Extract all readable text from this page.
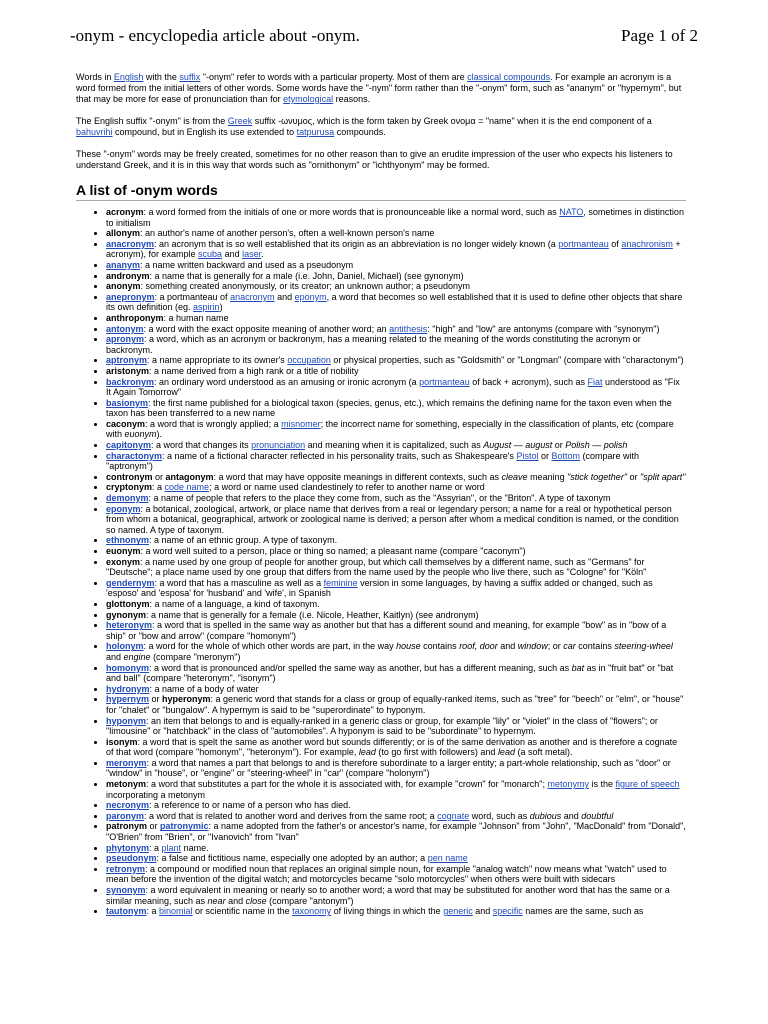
-onym - encyclopedia article about -onym.	Page 1 of 2

Words in English with the suffix "-onym" refer to words with a particular property. Most of them are classical compounds. For example an acronym is a word formed from the initial letters of other words. Some words have the "-nym" form rather than the "-onym" form, such as "ananym" or "hypernym", but that may be more for ease of pronunciation than for etymological reasons.

The English suffix "-onym" is from the Greek suffix -ωνυμος, which is the form taken by Greek ονομα = "name" when it is the end component of a bahuvrihi compound, but in English its use extended to tatpurusa compounds.

These "-onym" words may be freely created, sometimes for no other reason than to give an erudite impression of the user who expects his listeners to understand Greek, and it is in this way that words such as "ornithonym" or "ichthyonym" may be formed.

A list of -onym words
• acronym: a word formed from the initials of one or more words that is pronounceable like a normal word, such as NATO, sometimes in distinction to initialism
• allonym: an author's name of another person's, often a well-known person's name
• anacronym: an acronym that is so well established that its origin as an abbreviation is no longer widely known (a portmanteau of anachronism + acronym), for example scuba and laser.
• ananym: a name written backward and used as a pseudonym
• andronym: a name that is generally for a male (i.e. John, Daniel, Michael) (see gynonym)
• anonym: something created anonymously, or its creator; an unknown author; a pseudonym
• anepronym: a portmanteau of anacronym and eponym, a word that becomes so well established that it is used to define other objects that share its own definition (eg. aspirin)
• anthroponym: a human name
• antonym: a word with the exact opposite meaning of another word; an antithesis: "high" and "low" are antonyms (compare with "synonym")
• apronym: a word, which as an acronym or backronym, has a meaning related to the meaning of the words constituting the acronym or backronym.
• aptronym: a name appropriate to its owner's occupation or physical properties, such as "Goldsmith" or "Longman" (compare with "charactonym")
• aristonym: a name derived from a high rank or a title of nobility
• backronym: an ordinary word understood as an amusing or ironic acronym (a portmanteau of back + acronym), such as Fiat understood as "Fix It Again Tomorrow"
• basionym: the first name published for a biological taxon (species, genus, etc.), which remains the defining name for the taxon even when the taxon has been transferred to a new name
• caconym: a word that is wrongly applied; a misnomer; the incorrect name for something, especially in the classification of plants, etc (compare with euonym).
• capitonym: a word that changes its pronunciation and meaning when it is capitalized, such as August — august or Polish — polish
• charactonym: a name of a fictional character reflected in his personality traits, such as Shakespeare's Pistol or Bottom (compare with "aptronym")
• contronym or antagonym: a word that may have opposite meanings in different contexts, such as cleave meaning "stick together" or "split apart"
• cryptonym: a code name; a word or name used clandestinely to refer to another name or word
• demonym: a name of people that refers to the place they come from, such as the "Assyrian", or the "Briton". A type of taxonym
• eponym: a botanical, zoological, artwork, or place name that derives from a real or legendary person; a name for a real or hypothetical person from whom a botanical, geographical, artwork or zoological name is derived; a person after whom a medical condition is named, or the condition so named. A type of taxonym.
• ethnonym: a name of an ethnic group. A type of taxonym.
• euonym: a word well suited to a person, place or thing so named; a pleasant name (compare "caconym")
• exonym: a name used by one group of people for another group, but which call themselves by a different name, such as "Germans" for "Deutsche"; a place name used by one group that differs from the name used by the people who live there, such as "Cologne" for "Köln"
• gendernym: a word that has a masculine as well as a feminine version in some languages, by having a suffix added or changed, such as 'esposo' and 'esposa' for 'husband' and 'wife', in Spanish
• glottonym: a name of a language, a kind of taxonym.
• gynonym: a name that is generally for a female (i.e. Nicole, Heather, Kaitlyn) (see andronym)
• heteronym: a word that is spelled in the same way as another but that has a different sound and meaning, for example "bow" as in "bow of a ship" or "bow and arrow" (compare "homonym")
• holonym: a word for the whole of which other words are part, in the way house contains roof, door and window; or car contains steering-wheel and engine (compare "meronym")
• homonym: a word that is pronounced and/or spelled the same way as another, but has a different meaning, such as bat as in "fruit bat" or "bat and ball" (compare "heteronym", "isonym")
• hydronym: a name of a body of water
• hypernym or hyperonym: a generic word that stands for a class or group of equally-ranked items, such as "tree" for "beech" or "elm", or "house" for "chalet" or "bungalow". A hypernym is said to be "superordinate" to hyponym.
• hyponym: an item that belongs to and is equally-ranked in a generic class or group, for example "lily" or "violet" in the class of "flowers"; or "limousine" or "hatchback" in the class of "automobiles". A hyponym is said to be "subordinate" to hypernym.
• isonym: a word that is spelt the same as another word but sounds differently; or is of the same derivation as another and is therefore a cognate of that word (compare "homonym", "heteronym"). For example, lead (to go first with followers) and lead (a soft metal).
• meronym: a word that names a part that belongs to and is therefore subordinate to a larger entity; a part-whole relationship, such as "door" or "window" in "house", or "engine" or "steering-wheel" in "car" (compare "holonym")
• metonym: a word that substitutes a part for the whole it is associated with, for example "crown" for "monarch"; metonymy is the figure of speech incorporating a metonym
• necronym: a reference to or name of a person who has died.
• paronym: a word that is related to another word and derives from the same root; a cognate word, such as dubious and doubtful
• patronym or patronymic: a name adopted from the father's or ancestor's name, for example "Johnson" from "John", "MacDonald" from "Donald", "O'Brien" from "Brien", or "Ivanovich" from "Ivan"
• phytonym: a plant name.
• pseudonym: a false and fictitious name, especially one adopted by an author; a pen name
• retronym: a compound or modified noun that replaces an original simple noun, for example "analog watch" now means what "watch" used to mean before the invention of the digital watch; and motorcycles became "solo motorcycles" when others were built with sidecars
• synonym: a word equivalent in meaning or nearly so to another word; a word that may be substituted for another word that has the same or a similar meaning, such as near and close (compare "antonym")
• tautonym: a binomial or scientific name in the taxonomy of living things in which the generic and specific names are the same, such as
